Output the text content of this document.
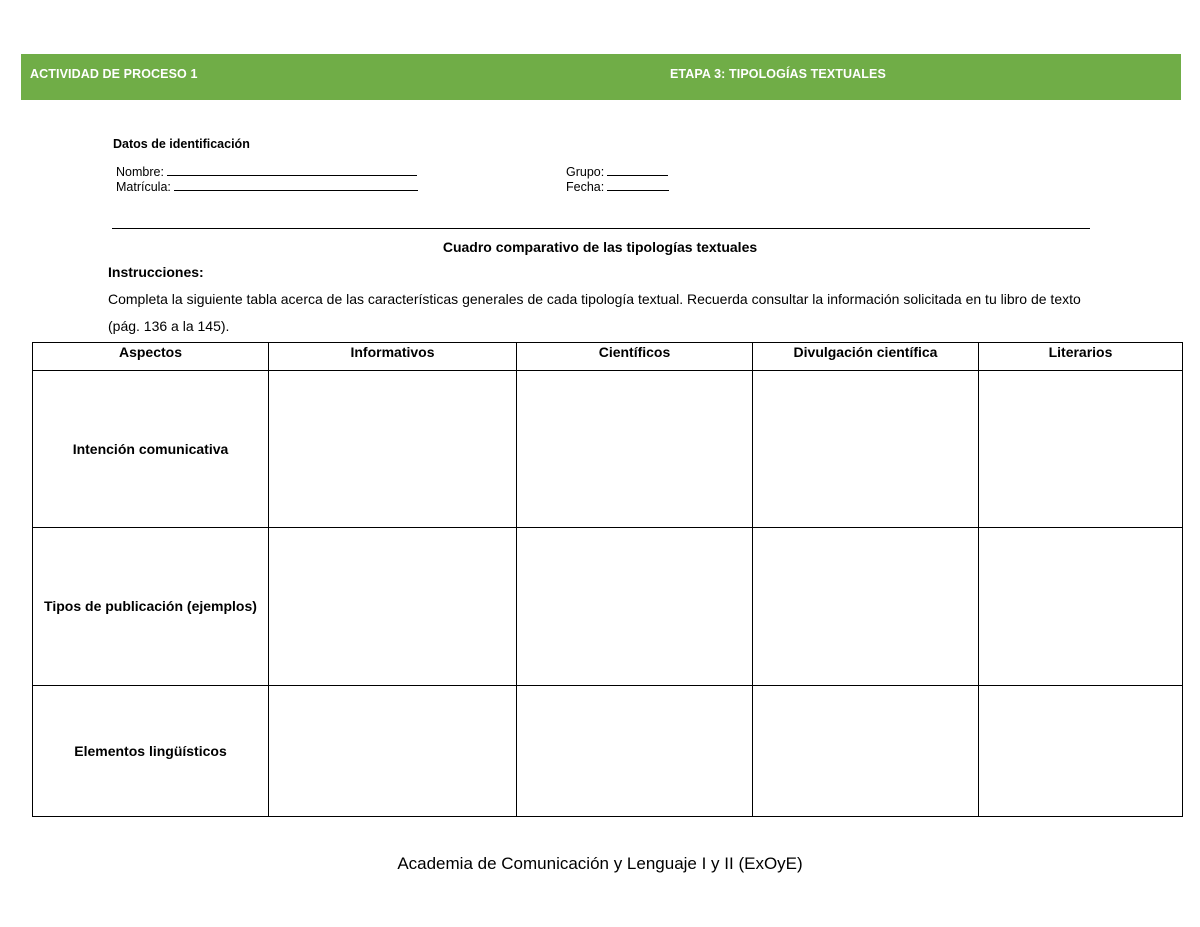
ACTIVIDAD DE PROCESO 1	ETAPA 3: TIPOLOGÍAS TEXTUALES
Datos de identificación
Nombre:
Matrícula:
Grupo:
Fecha:
Cuadro comparativo de las tipologías textuales
Instrucciones:
Completa la siguiente tabla acerca de las características generales de cada tipología textual. Recuerda consultar la información solicitada en tu libro de texto (pág. 136 a la 145).
Aspectos	Informativos	Científicos	Divulgación científica	Literarios
Intención comunicativa				
Tipos de publicación (ejemplos)				
Elementos lingüísticos				
Academia de Comunicación y Lenguaje I y II (ExOyE)
